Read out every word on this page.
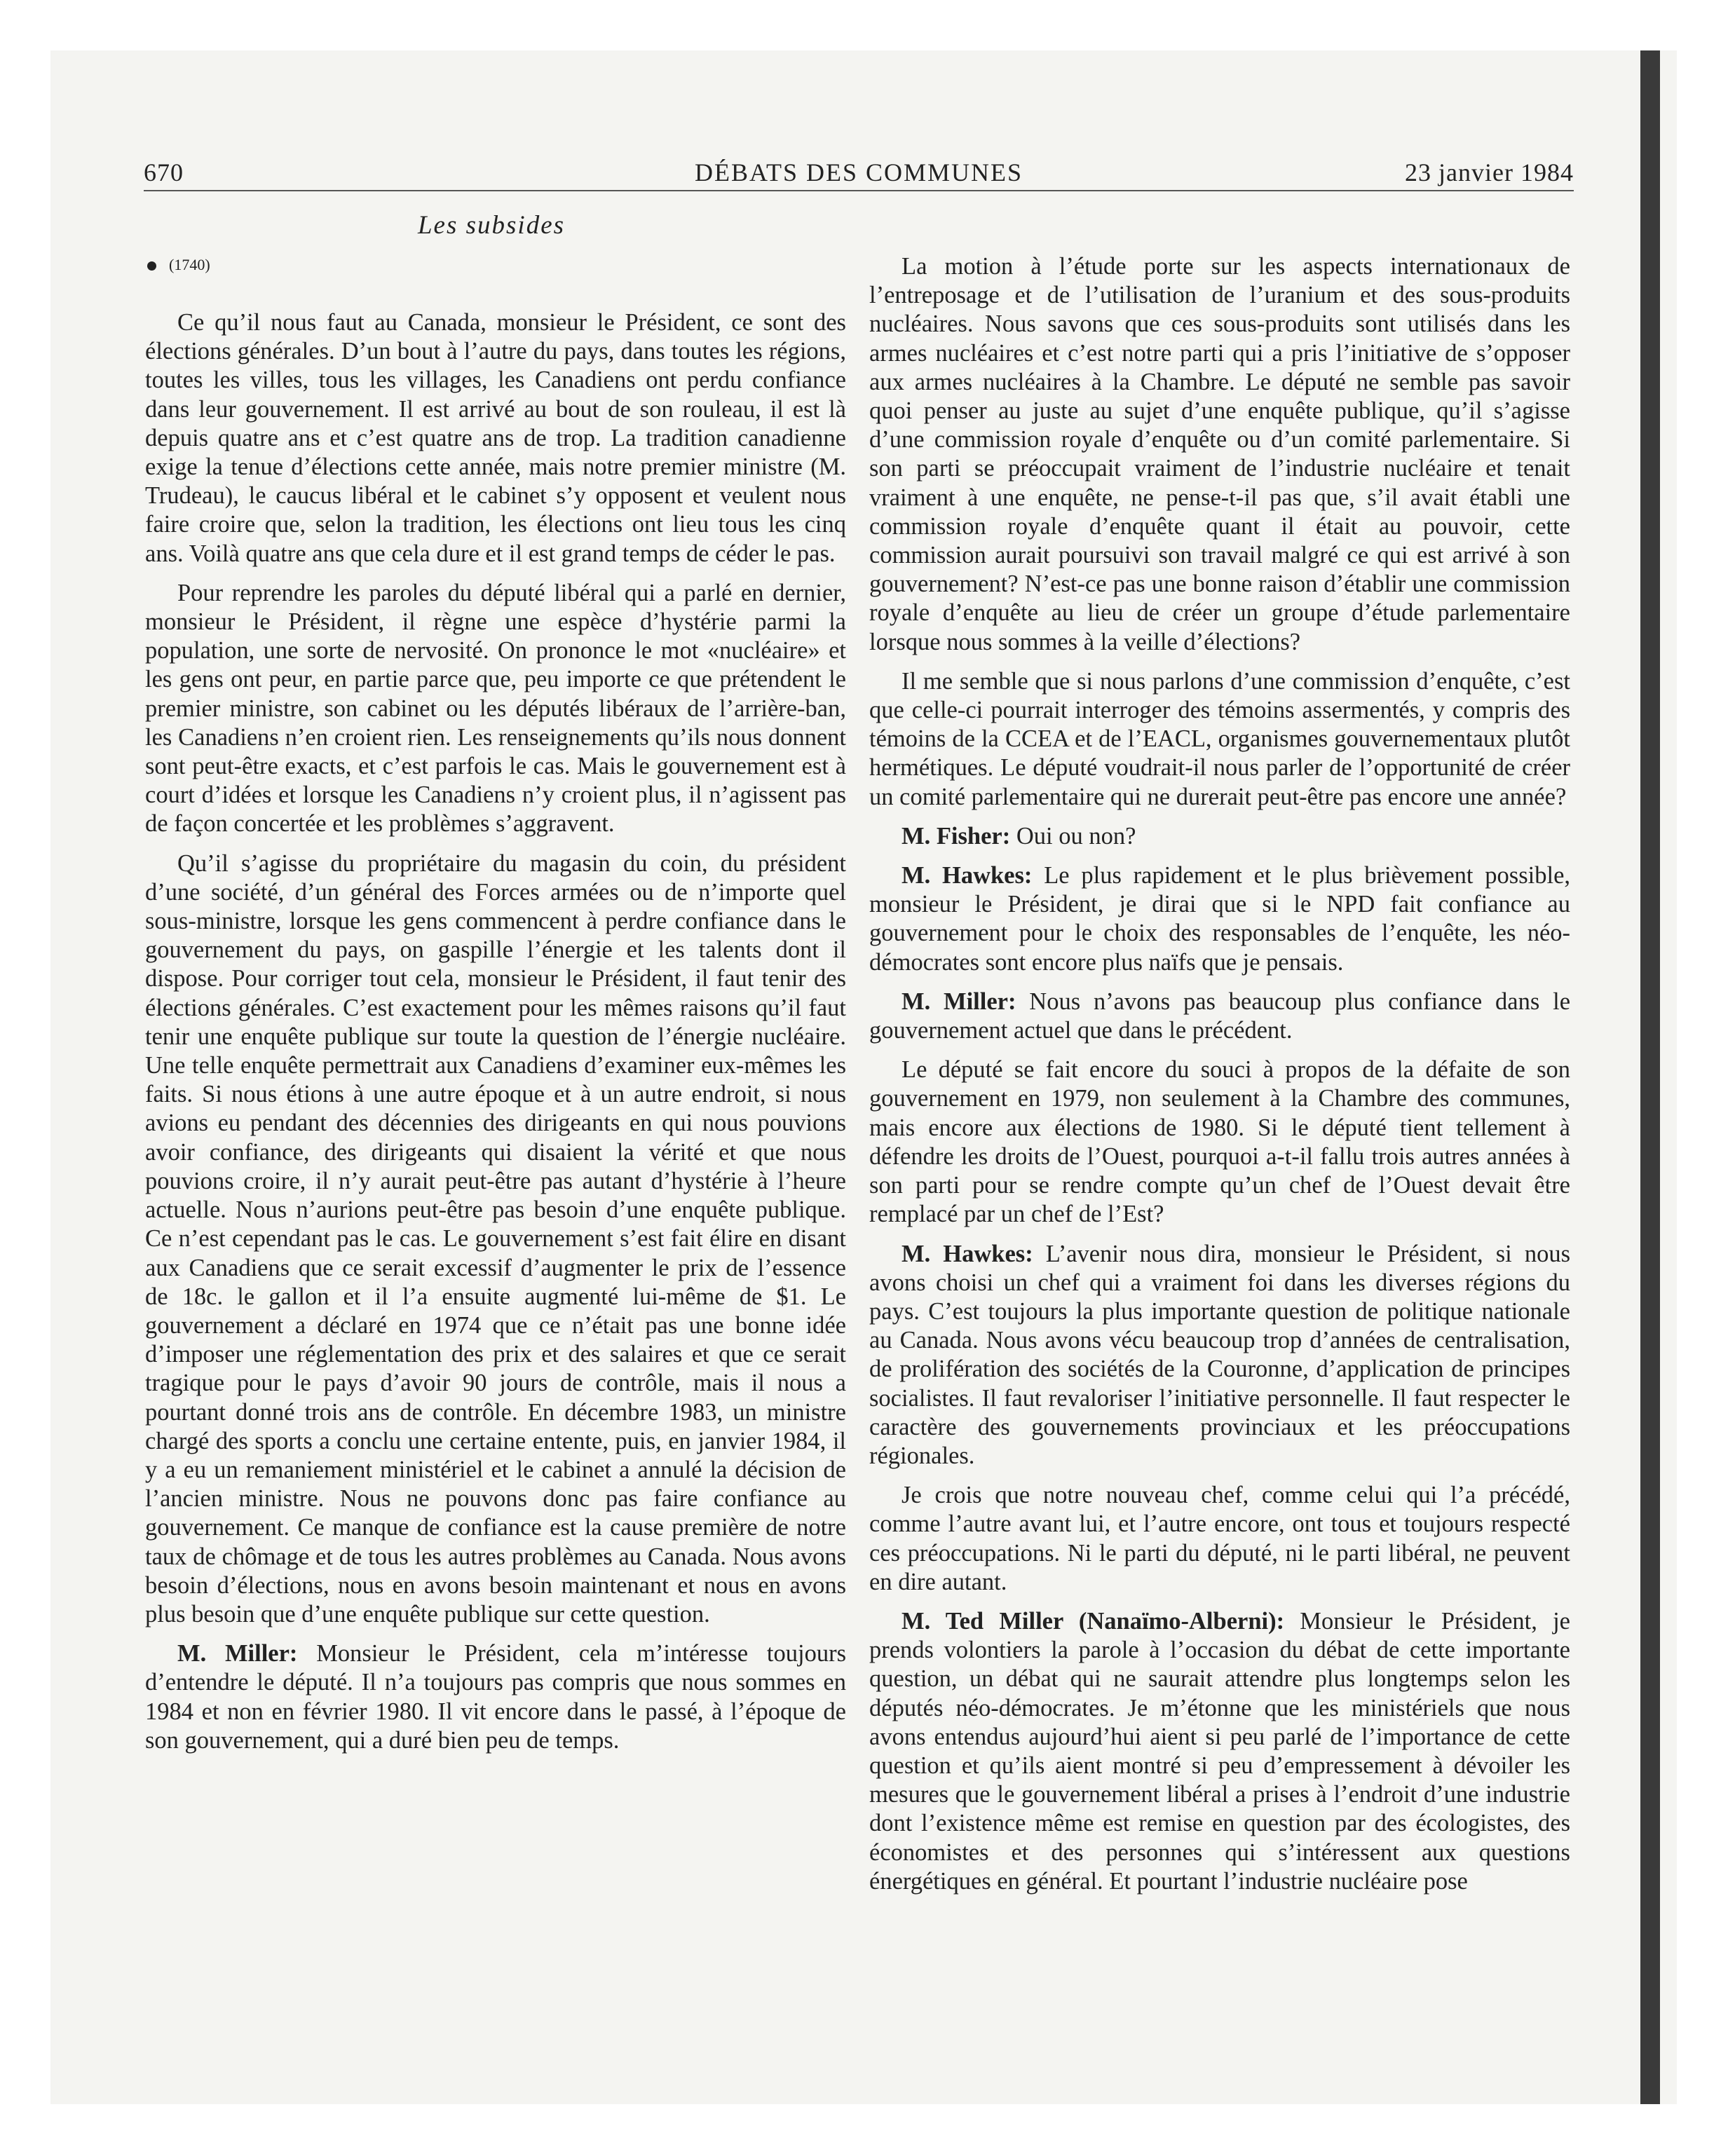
670	DÉBATS DES COMMUNES	23 janvier 1984
Les subsides
(1740)

Ce qu’il nous faut au Canada, monsieur le Président, ce sont des élections générales. D’un bout à l’autre du pays, dans toutes les régions, toutes les villes, tous les villages, les Canadiens ont perdu confiance dans leur gouvernement. Il est arrivé au bout de son rouleau, il est là depuis quatre ans et c’est quatre ans de trop. La tradition canadienne exige la tenue d’élections cette année, mais notre premier ministre (M. Trudeau), le caucus libéral et le cabinet s’y opposent et veulent nous faire croire que, selon la tradition, les élections ont lieu tous les cinq ans. Voilà quatre ans que cela dure et il est grand temps de céder le pas.

Pour reprendre les paroles du député libéral qui a parlé en dernier, monsieur le Président, il règne une espèce d’hystérie parmi la population, une sorte de nervosité. On prononce le mot «nucléaire» et les gens ont peur, en partie parce que, peu importe ce que prétendent le premier ministre, son cabinet ou les députés libéraux de l’arrière-ban, les Canadiens n’en croient rien. Les renseignements qu’ils nous donnent sont peut-être exacts, et c’est parfois le cas. Mais le gouvernement est à court d’idées et lorsque les Canadiens n’y croient plus, il n’agissent pas de façon concertée et les problèmes s’aggravent.

Qu’il s’agisse du propriétaire du magasin du coin, du président d’une société, d’un général des Forces armées ou de n’importe quel sous-ministre, lorsque les gens commencent à perdre confiance dans le gouvernement du pays, on gaspille l’énergie et les talents dont il dispose. Pour corriger tout cela, monsieur le Président, il faut tenir des élections générales. C’est exactement pour les mêmes raisons qu’il faut tenir une enquête publique sur toute la question de l’énergie nucléaire. Une telle enquête permettrait aux Canadiens d’examiner eux-mêmes les faits. Si nous étions à une autre époque et à un autre endroit, si nous avions eu pendant des décennies des dirigeants en qui nous pouvions avoir confiance, des dirigeants qui disaient la vérité et que nous pouvions croire, il n’y aurait peut-être pas autant d’hystérie à l’heure actuelle. Nous n’aurions peut-être pas besoin d’une enquête publique. Ce n’est cependant pas le cas. Le gouvernement s’est fait élire en disant aux Canadiens que ce serait excessif d’augmenter le prix de l’essence de 18c. le gallon et il l’a ensuite augmenté lui-même de $1. Le gouvernement a déclaré en 1974 que ce n’était pas une bonne idée d’imposer une réglementation des prix et des salaires et que ce serait tragique pour le pays d’avoir 90 jours de contrôle, mais il nous a pourtant donné trois ans de contrôle. En décembre 1983, un ministre chargé des sports a conclu une certaine entente, puis, en janvier 1984, il y a eu un remaniement ministériel et le cabinet a annulé la décision de l’ancien ministre. Nous ne pouvons donc pas faire confiance au gouvernement. Ce manque de confiance est la cause première de notre taux de chômage et de tous les autres problèmes au Canada. Nous avons besoin d’élections, nous en avons besoin maintenant et nous en avons plus besoin que d’une enquête publique sur cette question.

M. Miller: Monsieur le Président, cela m’intéresse toujours d’entendre le député. Il n’a toujours pas compris que nous sommes en 1984 et non en février 1980. Il vit encore dans le passé, à l’époque de son gouvernement, qui a duré bien peu de temps.

La motion à l’étude porte sur les aspects internationaux de l’entreposage et de l’utilisation de l’uranium et des sous-produits nucléaires. Nous savons que ces sous-produits sont utilisés dans les armes nucléaires et c’est notre parti qui a pris l’initiative de s’opposer aux armes nucléaires à la Chambre. Le député ne semble pas savoir quoi penser au juste au sujet d’une enquête publique, qu’il s’agisse d’une commission royale d’enquête ou d’un comité parlementaire. Si son parti se préoccupait vraiment de l’industrie nucléaire et tenait vraiment à une enquête, ne pense-t-il pas que, s’il avait établi une commission royale d’enquête quant il était au pouvoir, cette commission aurait poursuivi son travail malgré ce qui est arrivé à son gouvernement? N’est-ce pas une bonne raison d’établir une commission royale d’enquête au lieu de créer un groupe d’étude parlementaire lorsque nous sommes à la veille d’élections?

Il me semble que si nous parlons d’une commission d’enquête, c’est que celle-ci pourrait interroger des témoins assermentés, y compris des témoins de la CCEA et de l’EACL, organismes gouvernementaux plutôt hermétiques. Le député voudrait-il nous parler de l’opportunité de créer un comité parlementaire qui ne durerait peut-être pas encore une année?

M. Fisher: Oui ou non?

M. Hawkes: Le plus rapidement et le plus brièvement possible, monsieur le Président, je dirai que si le NPD fait confiance au gouvernement pour le choix des responsables de l’enquête, les néo-démocrates sont encore plus naïfs que je pensais.

M. Miller: Nous n’avons pas beaucoup plus confiance dans le gouvernement actuel que dans le précédent.

Le député se fait encore du souci à propos de la défaite de son gouvernement en 1979, non seulement à la Chambre des communes, mais encore aux élections de 1980. Si le député tient tellement à défendre les droits de l’Ouest, pourquoi a-t-il fallu trois autres années à son parti pour se rendre compte qu’un chef de l’Ouest devait être remplacé par un chef de l’Est?

M. Hawkes: L’avenir nous dira, monsieur le Président, si nous avons choisi un chef qui a vraiment foi dans les diverses régions du pays. C’est toujours la plus importante question de politique nationale au Canada. Nous avons vécu beaucoup trop d’années de centralisation, de prolifération des sociétés de la Couronne, d’application de principes socialistes. Il faut revaloriser l’initiative personnelle. Il faut respecter le caractère des gouvernements provinciaux et les préoccupations régionales.

Je crois que notre nouveau chef, comme celui qui l’a précédé, comme l’autre avant lui, et l’autre encore, ont tous et toujours respecté ces préoccupations. Ni le parti du député, ni le parti libéral, ne peuvent en dire autant.

M. Ted Miller (Nanaïmo-Alberni): Monsieur le Président, je prends volontiers la parole à l’occasion du débat de cette importante question, un débat qui ne saurait attendre plus longtemps selon les députés néo-démocrates. Je m’étonne que les ministériels que nous avons entendus aujourd’hui aient si peu parlé de l’importance de cette question et qu’ils aient montré si peu d’empressement à dévoiler les mesures que le gouvernement libéral a prises à l’endroit d’une industrie dont l’existence même est remise en question par des écologistes, des économistes et des personnes qui s’intéressent aux questions énergétiques en général. Et pourtant l’industrie nucléaire pose
